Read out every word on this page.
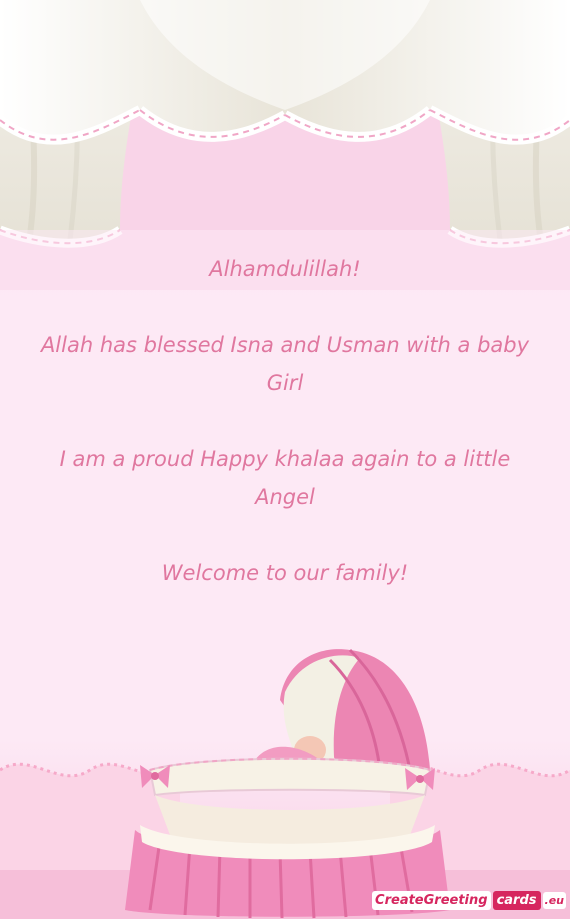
Alhamdulillah!

Allah has blessed Isna and Usman with a baby

Girl

I am a proud Happy khalaa again to a little

Angel

Welcome to our family!

CreateGreeting cards .eu
